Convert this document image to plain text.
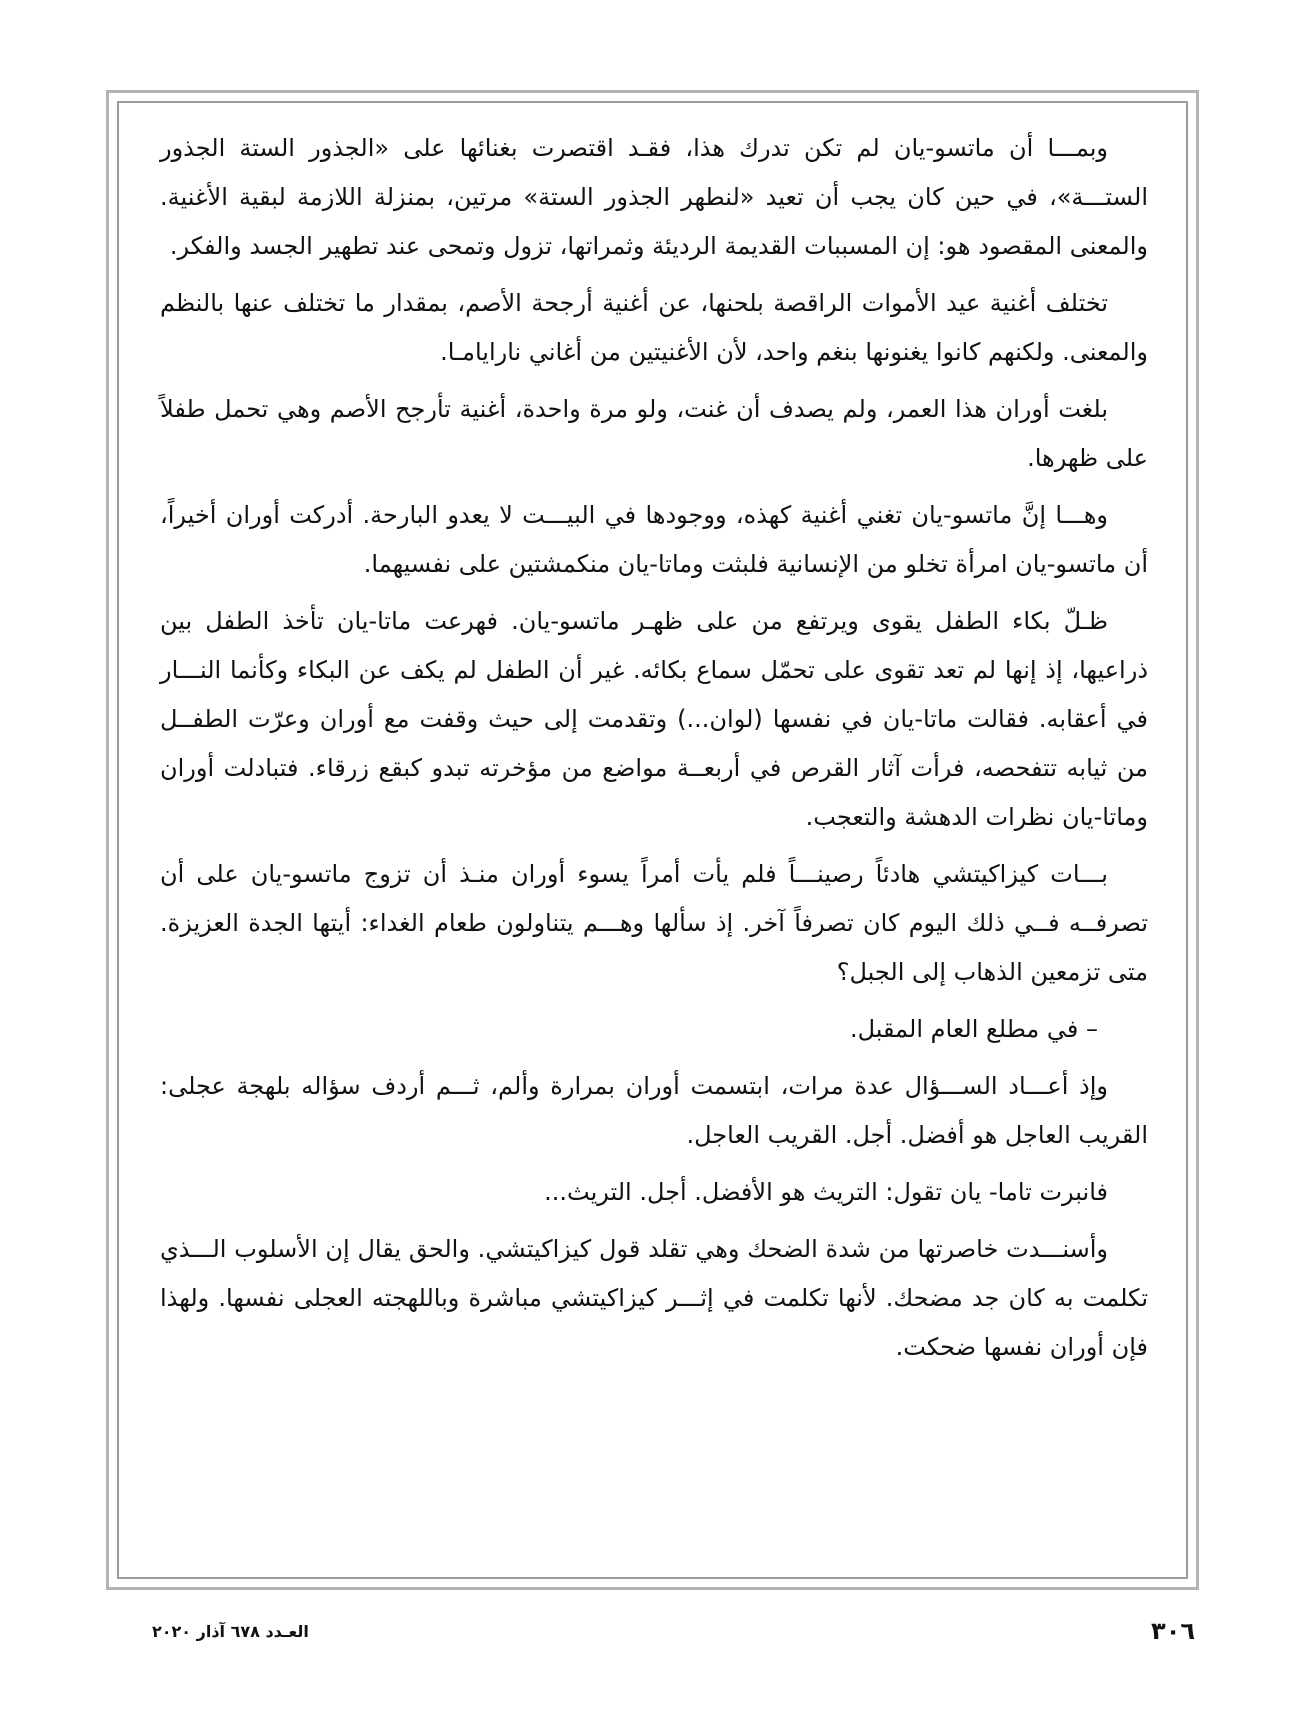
وبمـــا أن ماتسو-يان لم تكن تدرك هذا، فقـد اقتصرت بغنائها على «الجذور الستة الجذور الستـــة»، في حين كان يجب أن تعيد «لنطهر الجذور الستة» مرتين، بمنزلة اللازمة لبقية الأغنية. والمعنى المقصود هو: إن المسببات القديمة الرديئة وثمراتها، تزول وتمحى عند تطهير الجسد والفكر.

تختلف أغنية عيد الأموات الراقصة بلحنها، عن أغنية أرجحة الأصم، بمقدار ما تختلف عنها بالنظم والمعنى. ولكنهم كانوا يغنونها بنغم واحد، لأن الأغنيتين من أغاني نارايامـا.

بلغت أوران هذا العمر، ولم يصدف أن غنت، ولو مرة واحدة، أغنية تأرجح الأصم وهي تحمل طفلاً على ظهرها.

وهـــا إنَّ ماتسو-يان تغني أغنية كهذه، ووجودها في البيـــت لا يعدو البارحة. أدركت أوران أخيراً، أن ماتسو-يان امرأة تخلو من الإنسانية فلبثت وماتا-يان منكمشتين على نفسيهما.

ظـلّ بكاء الطفل يقوى ويرتفع من على ظهـر ماتسو-يان. فهرعت ماتا-يان تأخذ الطفل بين ذراعيها، إذ إنها لم تعد تقوى على تحمّل سماع بكائه. غير أن الطفل لم يكف عن البكاء وكأنما النـــار في أعقابه. فقالت ماتا-يان في نفسها (لوان...) وتقدمت إلى حيث وقفت مع أوران وعرّت الطفــل من ثيابه تتفحصه، فرأت آثار القرص في أربعــة مواضع من مؤخرته تبدو كبقع زرقاء. فتبادلت أوران وماتا-يان نظرات الدهشة والتعجب.

بـــات كيزاكيتشي هادئاً رصينـــاً فلم يأت أمراً يسوء أوران منـذ أن تزوج ماتسو-يان على أن تصرفــه فــي ذلك اليوم كان تصرفاً آخر. إذ سألها وهـــم يتناولون طعام الغداء: أيتها الجدة العزيزة. متى تزمعين الذهاب إلى الجبل؟

– في مطلع العام المقبل.

وإذ أعـــاد الســـؤال عدة مرات، ابتسمت أوران بمرارة وألم، ثـــم أردف سؤاله بلهجة عجلى: القريب العاجل هو أفضل. أجل. القريب العاجل.

فانبرت تاما- يان تقول: التريث هو الأفضل. أجل. التريث...

وأسنـــدت خاصرتها من شدة الضحك وهي تقلد قول كيزاكيتشي. والحق يقال إن الأسلوب الـــذي تكلمت به كان جد مضحك. لأنها تكلمت في إثـــر كيزاكيتشي مباشرة وباللهجته العجلى نفسها. ولهذا فإن أوران نفسها ضحكت.

٣٠٦
العـدد ٦٧٨ آذار ٢٠٢٠
